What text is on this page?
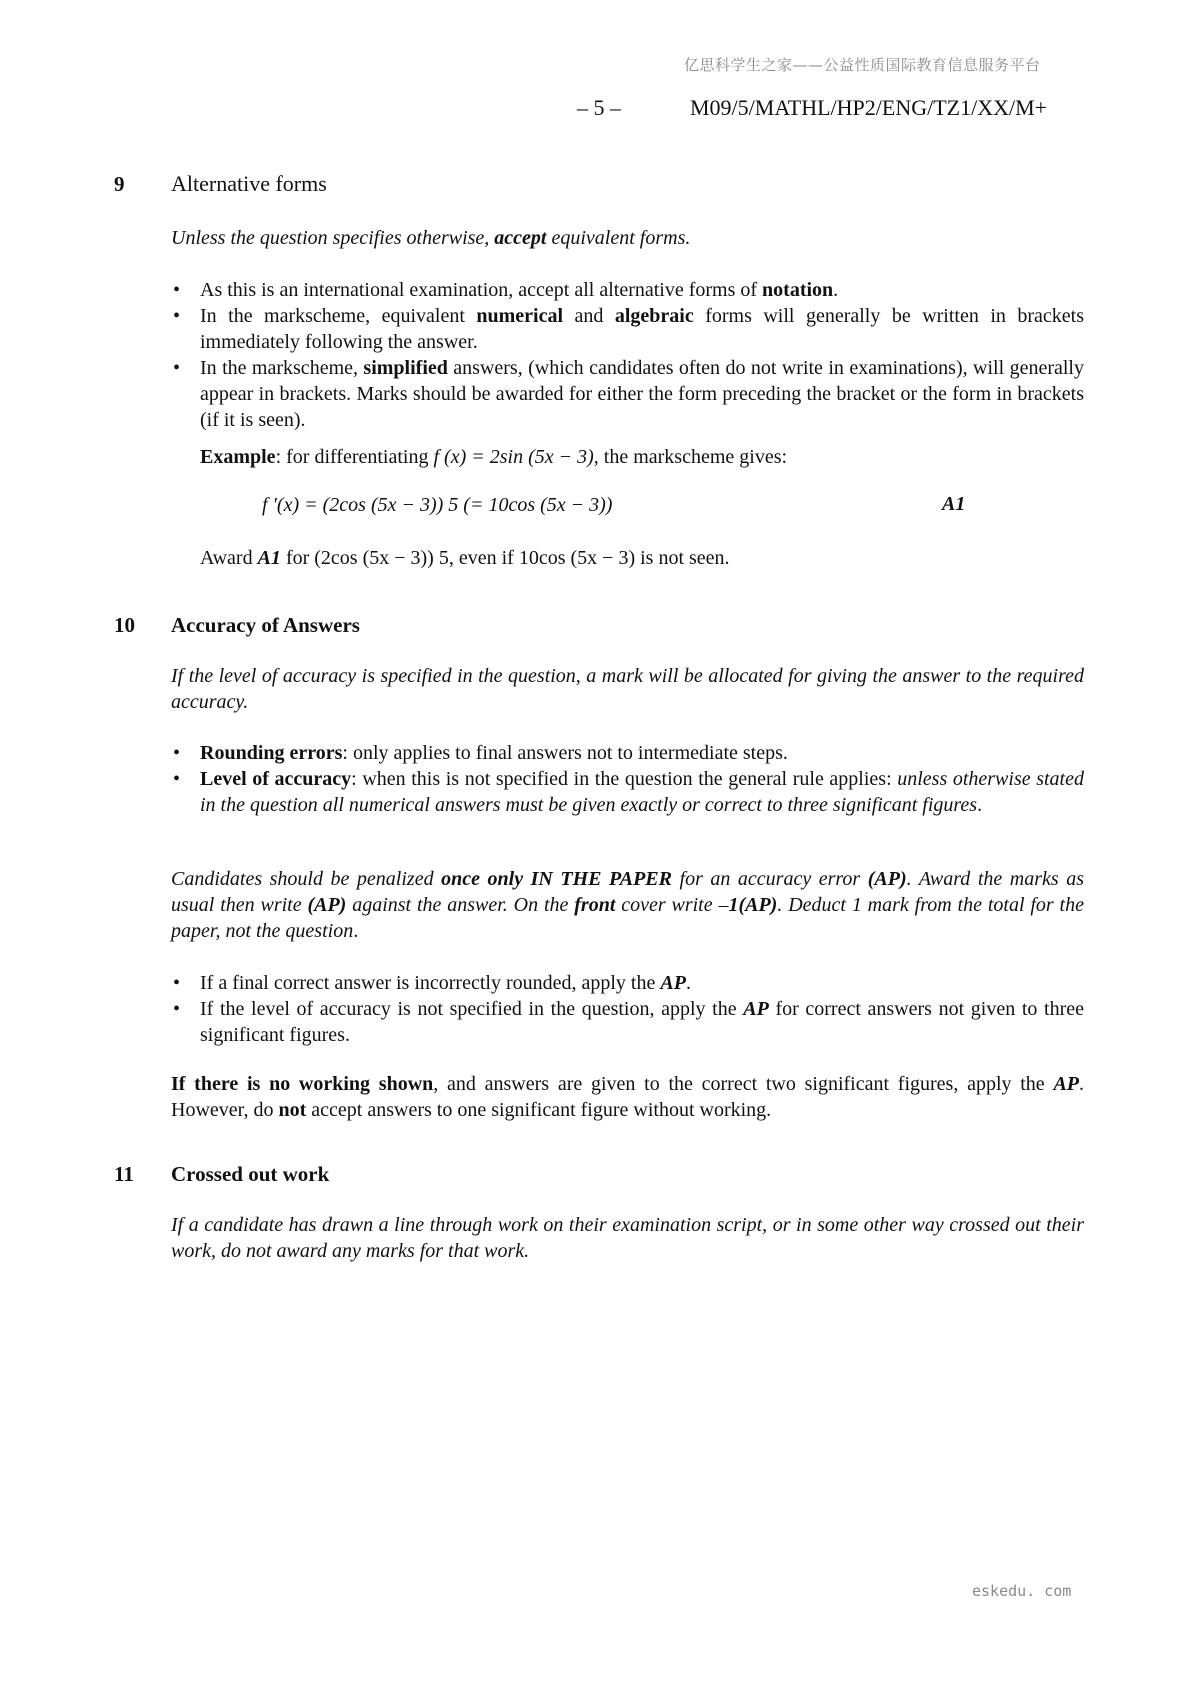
亿思科学生之家——公益性质国际教育信息服务平台
– 5 –	M09/5/MATHL/HP2/ENG/TZ1/XX/M+
9 Alternative forms
Unless the question specifies otherwise, accept equivalent forms.
• As this is an international examination, accept all alternative forms of notation.
• In the markscheme, equivalent numerical and algebraic forms will generally be written in brackets immediately following the answer.
• In the markscheme, simplified answers, (which candidates often do not write in examinations), will generally appear in brackets. Marks should be awarded for either the form preceding the bracket or the form in brackets (if it is seen).
Example: for differentiating f (x) = 2sin (5x − 3), the markscheme gives:
f ′(x) = (2cos (5x − 3)) 5 (= 10cos (5x − 3))	A1
Award A1 for (2cos (5x − 3)) 5, even if 10cos (5x − 3) is not seen.
10 Accuracy of Answers
If the level of accuracy is specified in the question, a mark will be allocated for giving the answer to the required accuracy.
• Rounding errors: only applies to final answers not to intermediate steps.
• Level of accuracy: when this is not specified in the question the general rule applies: unless otherwise stated in the question all numerical answers must be given exactly or correct to three significant figures.
Candidates should be penalized once only IN THE PAPER for an accuracy error (AP). Award the marks as usual then write (AP) against the answer. On the front cover write –1(AP). Deduct 1 mark from the total for the paper, not the question.
• If a final correct answer is incorrectly rounded, apply the AP.
• If the level of accuracy is not specified in the question, apply the AP for correct answers not given to three significant figures.
If there is no working shown, and answers are given to the correct two significant figures, apply the AP. However, do not accept answers to one significant figure without working.
11 Crossed out work
If a candidate has drawn a line through work on their examination script, or in some other way crossed out their work, do not award any marks for that work.
eskedu. com
